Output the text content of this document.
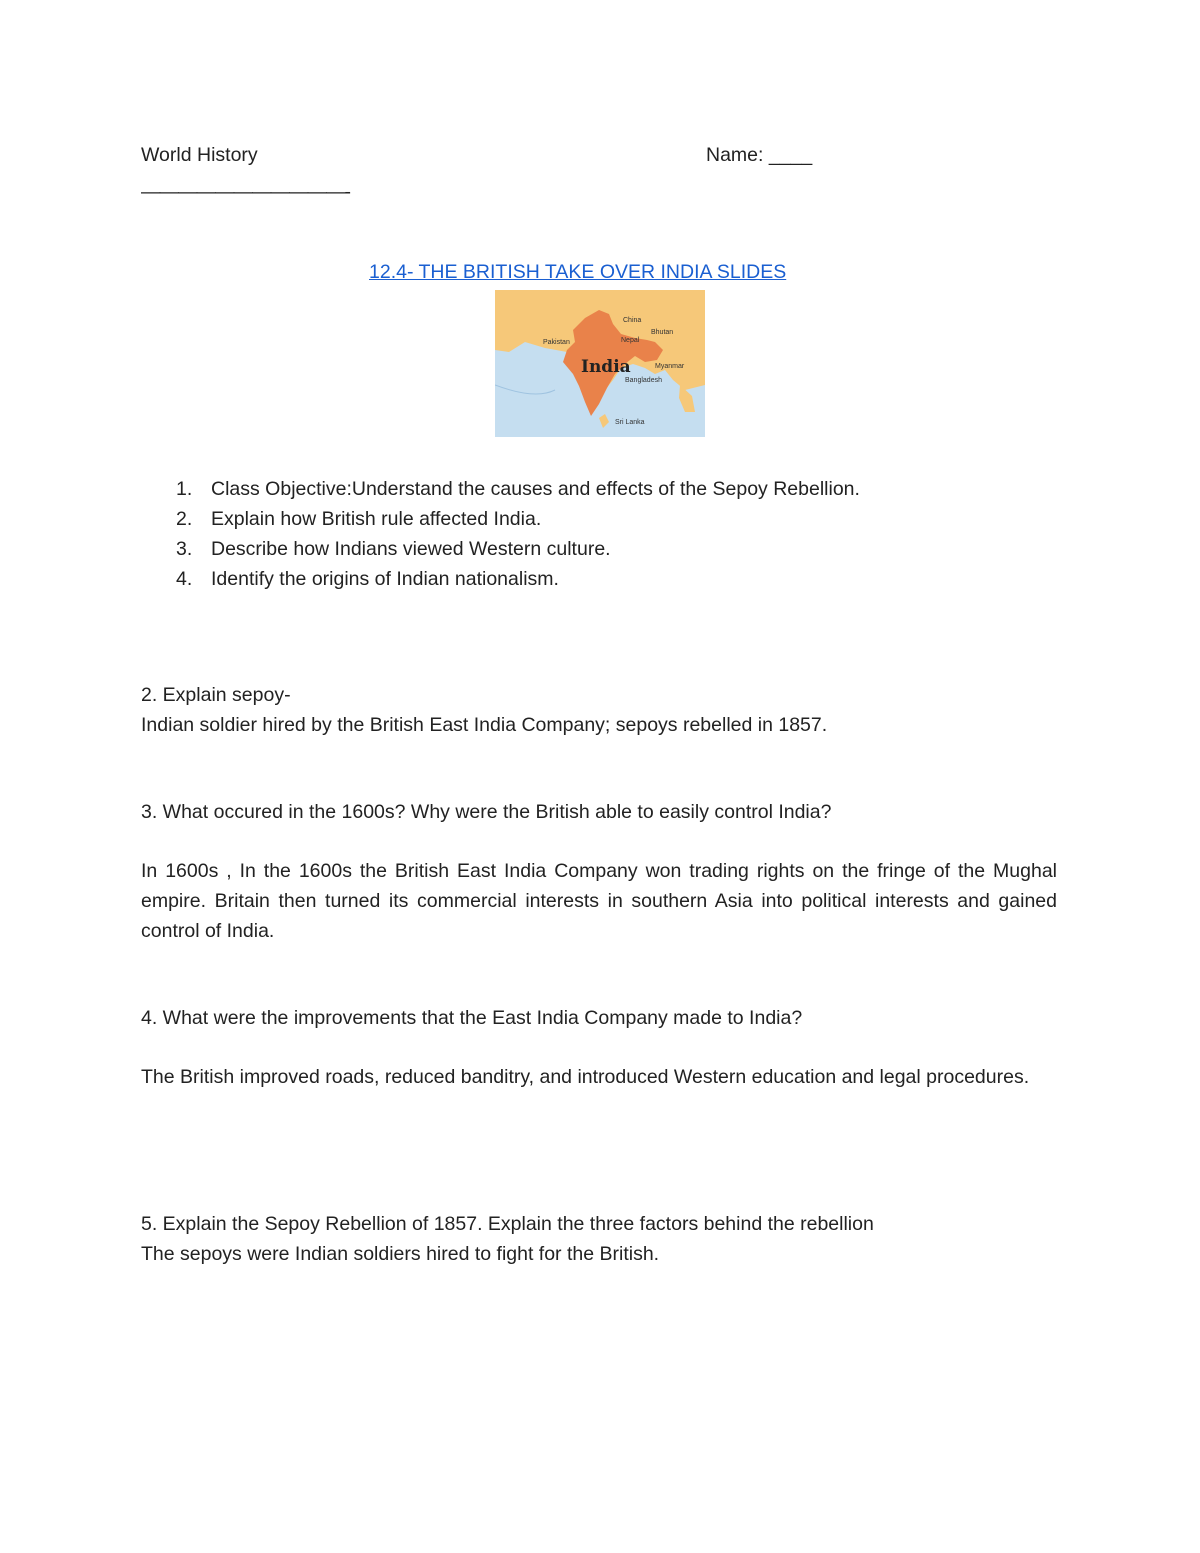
World History	Name: ____
———————————-
12.4- THE BRITISH TAKE OVER INDIA SLIDES
India
China
Nepal
Bhutan
Pakistan
Myanmar
Bangladesh
Sri Lanka
1. Class Objective:Understand the causes and effects of the Sepoy Rebellion.
2. Explain how British rule affected India.
3. Describe how Indians viewed Western culture.
4. Identify the origins of Indian nationalism.
2. Explain sepoy-
Indian soldier hired by the British East India Company; sepoys rebelled in 1857.
3. What occured in the 1600s? Why were the British able to easily control India?
In 1600s , In the 1600s the British East India Company won trading rights on the fringe of the Mughal empire. Britain then turned its commercial interests in southern Asia into political interests and gained control of India.
4. What were the improvements that the East India Company made to India?
The British improved roads, reduced banditry, and introduced Western education and legal procedures.
5. Explain the Sepoy Rebellion of 1857. Explain the three factors behind the rebellion
The sepoys were Indian soldiers hired to fight for the British.
